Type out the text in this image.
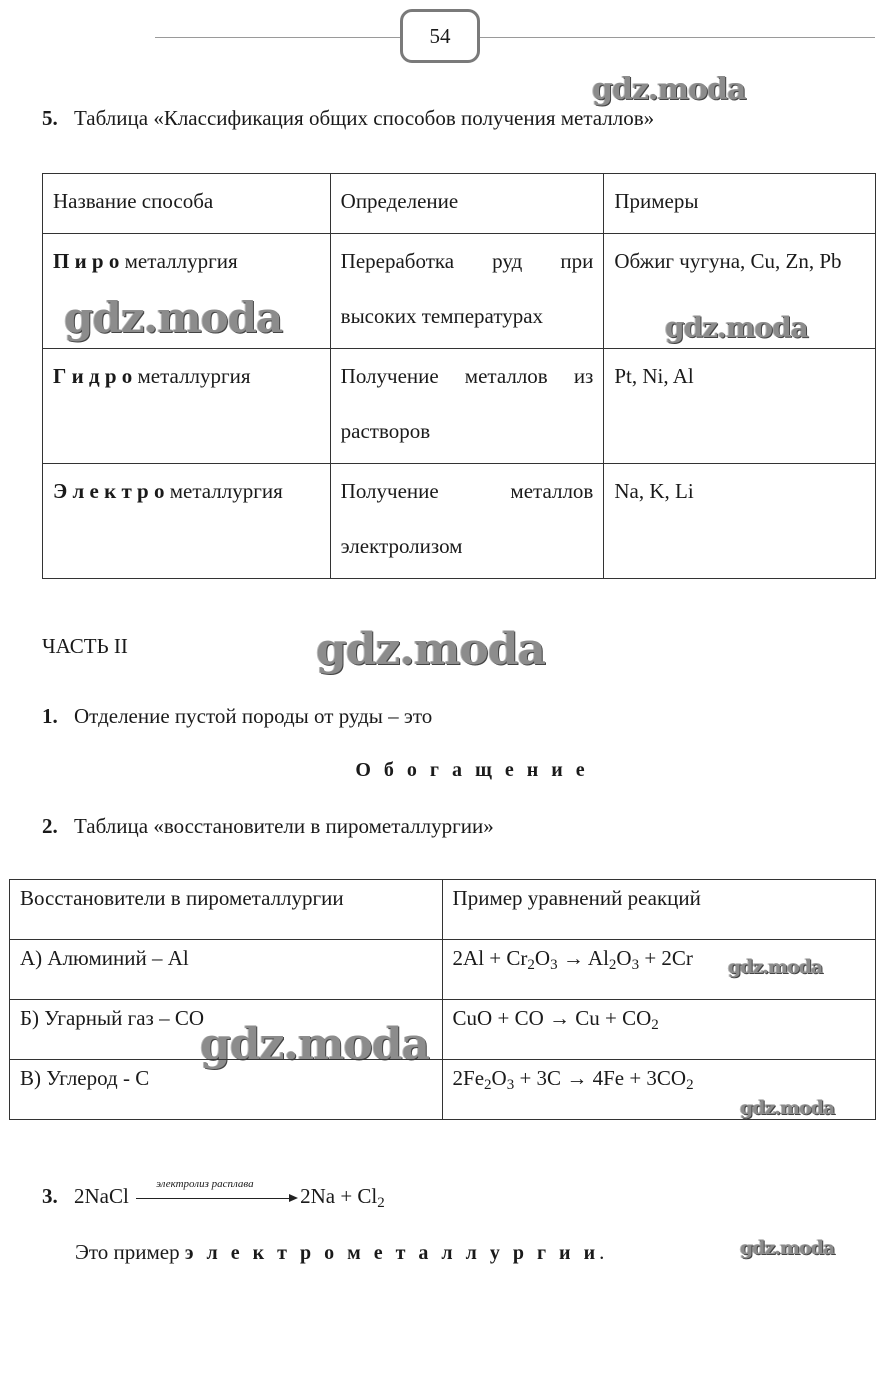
54
gdz.moda
gdz.moda	gdz.moda
gdz.moda
gdz.moda
gdz.moda
gdz.moda
gdz.moda
5. Таблица «Классификация общих способов получения металлов»
Название способа	Определение	Примеры
П и р о металлургия	Переработка руд при высоких температурах	Обжиг чугуна, Cu, Zn, Pb
Г и д р о металлургия	Получение металлов из растворов	Pt, Ni, Al
Э л е к т р о металлургия	Получение металлов электролизом	Na, K, Li
ЧАСТЬ II
1. Отделение пустой породы от руды – это
О б о г а щ е н и е
2. Таблица «восстановители в пирометаллургии»
Восстановители в пирометаллургии	Пример уравнений реакций
А) Алюминий – Al	$2Al + Cr_2O_3 \to Al_2O_3 + 2Cr$
Б) Угарный газ – CO	CuO + CO → $Cu + CO_2$
В) Углерод - C	$2Fe_2O_3 + 3C \to 4Fe + 3CO_2$
3. 2NaCl электролиз расплава $2Na + Cl_2$
Это пример э л е к т р о м е т а л л у р г и и.
